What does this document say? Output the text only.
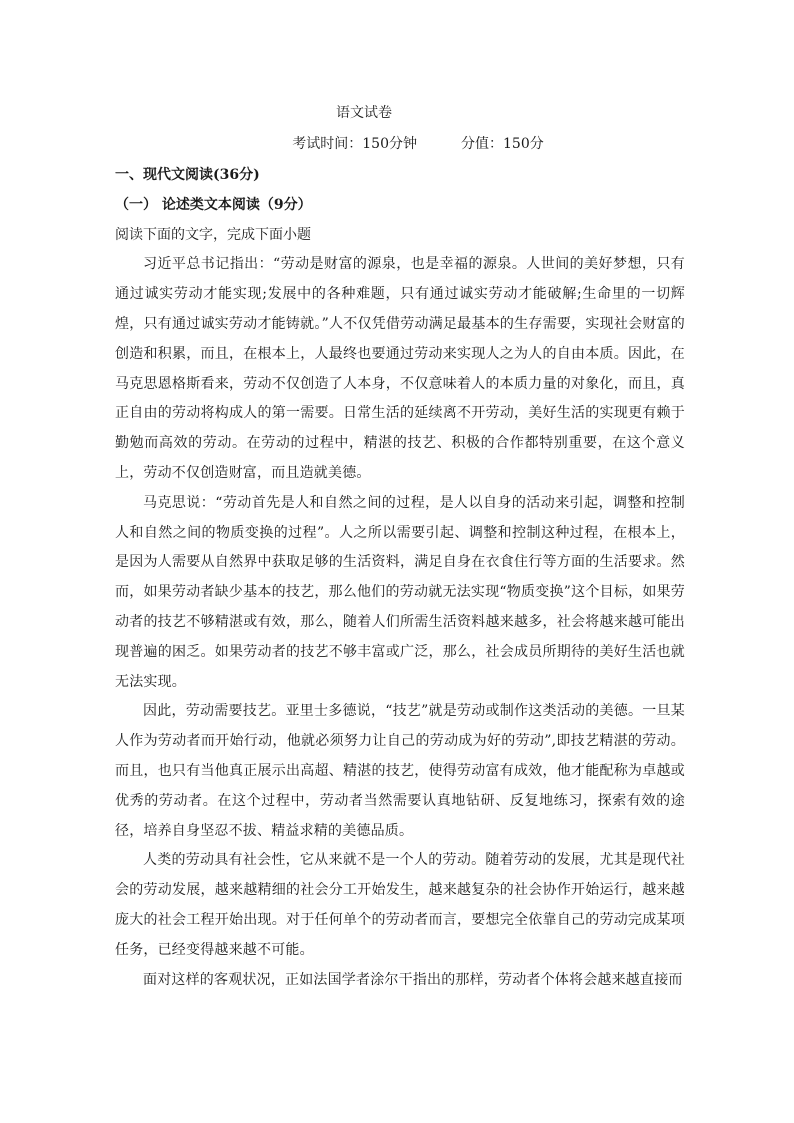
语文试卷
考试时间：150分钟	分值：150分

一、现代文阅读(36分)

（一） 论述类文本阅读（9分）

阅读下面的文字，完成下面小题

习近平总书记指出：“劳动是财富的源泉，也是幸福的源泉。人世间的美好梦想，只有通过诚实劳动才能实现;发展中的各种难题，只有通过诚实劳动才能破解;生命里的一切辉煌，只有通过诚实劳动才能铸就。”人不仅凭借劳动满足最基本的生存需要，实现社会财富的创造和积累，而且，在根本上，人最终也要通过劳动来实现人之为人的自由本质。因此，在马克思恩格斯看来，劳动不仅创造了人本身，不仅意味着人的本质力量的对象化，而且，真正自由的劳动将构成人的第一需要。日常生活的延续离不开劳动，美好生活的实现更有赖于勤勉而高效的劳动。在劳动的过程中，精湛的技艺、积极的合作都特别重要，在这个意义上，劳动不仅创造财富，而且造就美德。

马克思说：“劳动首先是人和自然之间的过程，是人以自身的活动来引起，调整和控制人和自然之间的物质变换的过程”。人之所以需要引起、调整和控制这种过程，在根本上，是因为人需要从自然界中获取足够的生活资料，满足自身在衣食住行等方面的生活要求。然而，如果劳动者缺少基本的技艺，那么他们的劳动就无法实现“物质变换”这个目标，如果劳动者的技艺不够精湛或有效，那么，随着人们所需生活资料越来越多，社会将越来越可能出现普遍的困乏。如果劳动者的技艺不够丰富或广泛，那么，社会成员所期待的美好生活也就无法实现。

因此，劳动需要技艺。亚里士多德说，“技艺”就是劳动或制作这类活动的美德。一旦某人作为劳动者而开始行动，他就必须努力让自己的劳动成为好的劳动”,即技艺精湛的劳动。而且，也只有当他真正展示出高超、精湛的技艺，使得劳动富有成效，他才能配称为卓越或优秀的劳动者。在这个过程中，劳动者当然需要认真地钻研、反复地练习，探索有效的途径，培养自身坚忍不拔、精益求精的美德品质。

人类的劳动具有社会性，它从来就不是一个人的劳动。随着劳动的发展，尤其是现代社会的劳动发展，越来越精细的社会分工开始发生，越来越复杂的社会协作开始运行，越来越庞大的社会工程开始出现。对于任何单个的劳动者而言，要想完全依靠自己的劳动完成某项任务，已经变得越来越不可能。

面对这样的客观状况，正如法国学者涂尔干指出的那样，劳动者个体将会越来越直接而
